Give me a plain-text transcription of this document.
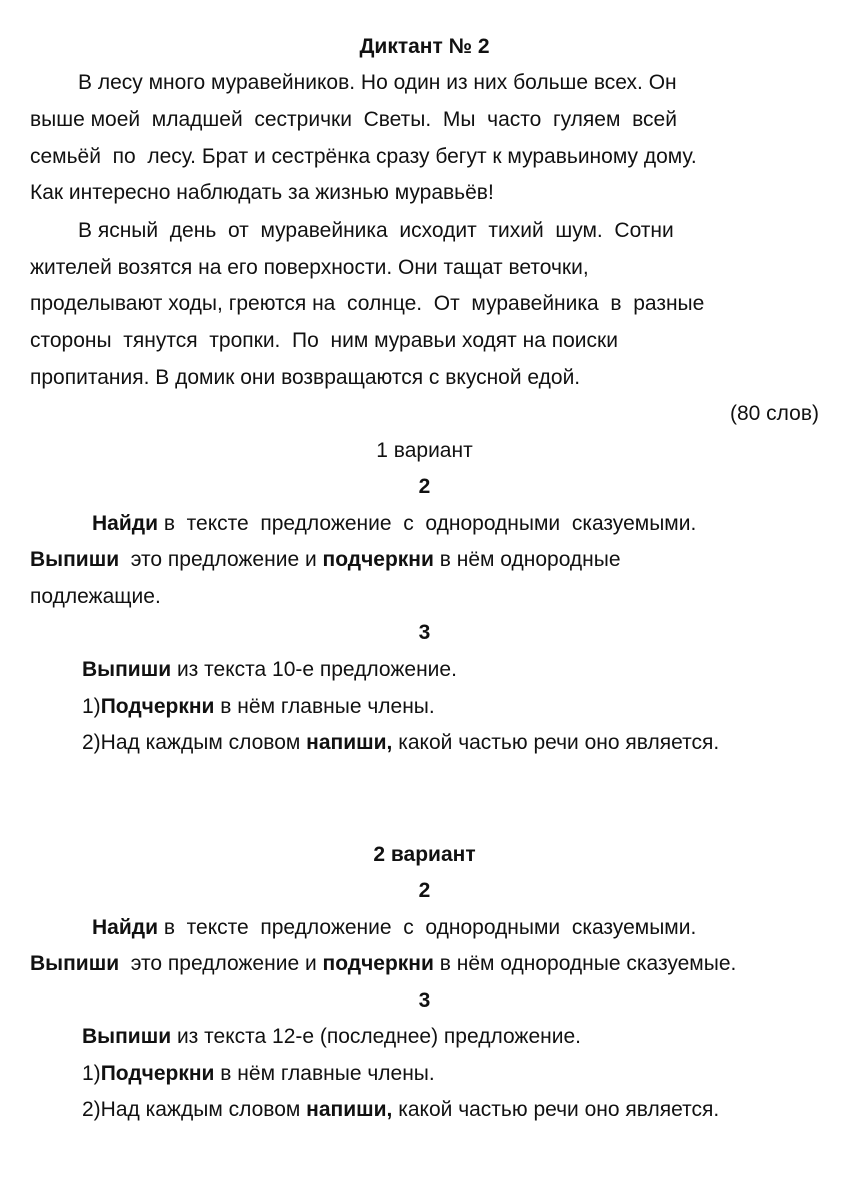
Диктант № 2
В лесу много муравейников. Но один из них больше всех. Он
выше моей  младшей  сестрички  Светы.  Мы  часто  гуляем  всей
семьёй  по  лесу. Брат и сестрёнка сразу бегут к муравьиному дому.
Как интересно наблюдать за жизнью муравьёв!
В ясный  день  от  муравейника  исходит  тихий  шум.  Сотни
жителей возятся на его поверхности. Они тащат веточки,
проделывают ходы, греются на  солнце.  От  муравейника  в  разные
стороны  тянутся  тропки.  По  ним муравьи ходят на поиски
пропитания. В домик они возвращаются с вкусной едой.
(80 слов)
1 вариант
2
Найди в  тексте  предложение  с  однородными  сказуемыми.
Выпиши  это предложение и подчеркни в нём однородные
подлежащие.
3
Выпиши из текста 10-е предложение.
1)Подчеркни в нём главные члены.
2)Над каждым словом напиши, какой частью речи оно является.
2 вариант
2
Найди в  тексте  предложение  с  однородными  сказуемыми.
Выпиши  это предложение и подчеркни в нём однородные сказуемые.
3
Выпиши из текста 12-е (последнее) предложение.
1)Подчеркни в нём главные члены.
2)Над каждым словом напиши, какой частью речи оно является.
